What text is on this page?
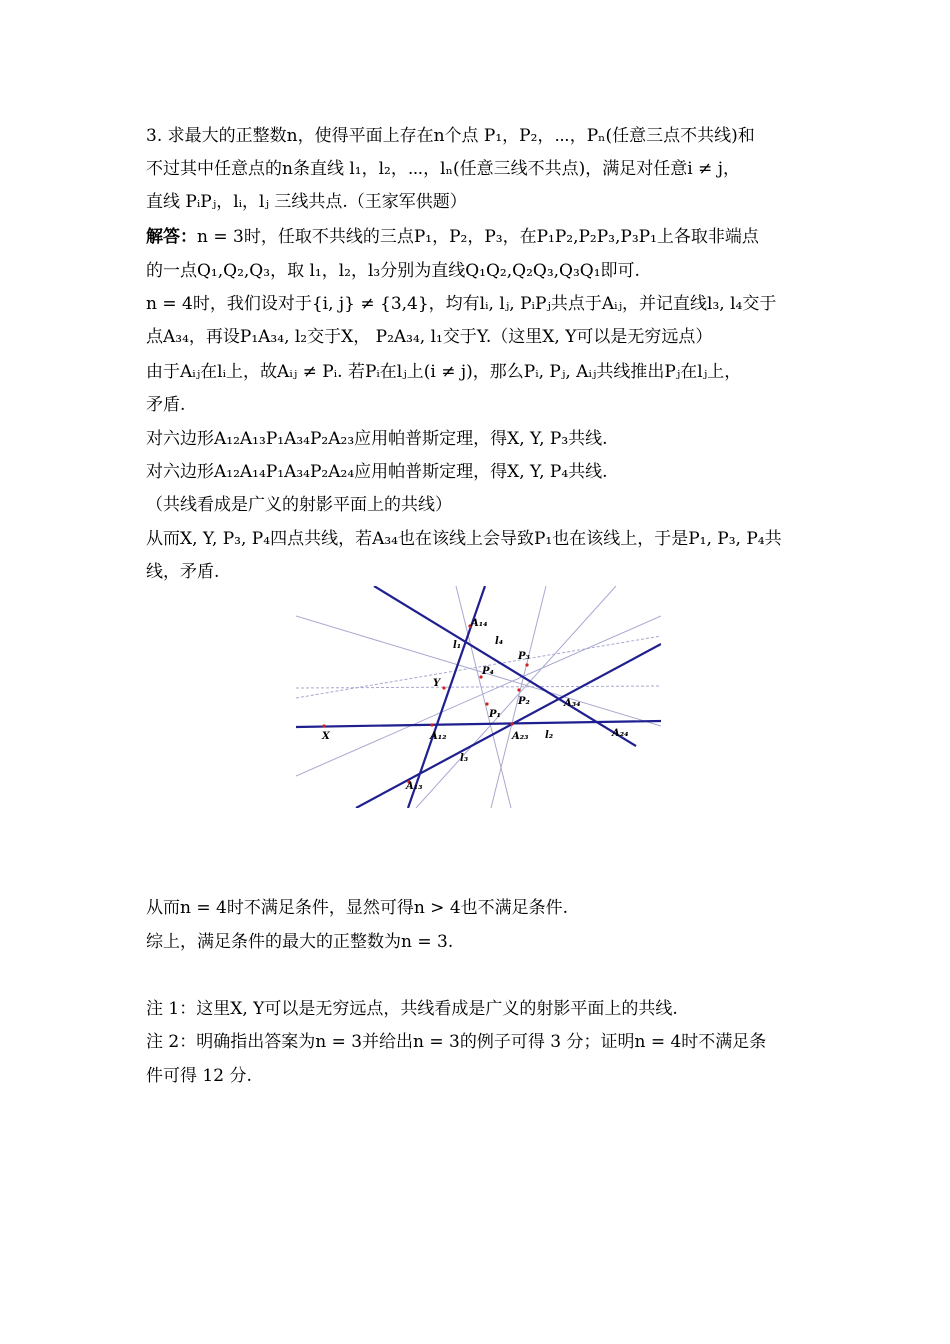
3. 求最大的正整数n，使得平面上存在n个点 P₁，P₂，⋯，Pₙ(任意三点不共线)和
不过其中任意点的n条直线 l₁，l₂，⋯，lₙ(任意三线不共点)，满足对任意i ≠ j，
直线 PᵢPⱼ，lᵢ，lⱼ 三线共点.（王家军供题）
解答：n = 3时，任取不共线的三点P₁，P₂，P₃，在P₁P₂,P₂P₃,P₃P₁上各取非端点
的一点Q₁,Q₂,Q₃，取 l₁，l₂，l₃分别为直线Q₁Q₂,Q₂Q₃,Q₃Q₁即可.
n = 4时，我们设对于{i, j} ≠ {3,4}，均有lᵢ, lⱼ, PᵢPⱼ共点于Aᵢⱼ，并记直线l₃, l₄交于
点A₃₄，再设P₁A₃₄, l₂交于X， P₂A₃₄, l₁交于Y.（这里X, Y可以是无穷远点）
由于Aᵢⱼ在lᵢ上，故Aᵢⱼ ≠ Pᵢ. 若Pᵢ在lⱼ上(i ≠ j)，那么Pᵢ, Pⱼ, Aᵢⱼ共线推出Pⱼ在lⱼ上，
矛盾.
对六边形A₁₂A₁₃P₁A₃₄P₂A₂₃应用帕普斯定理，得X, Y, P₃共线.
对六边形A₁₂A₁₄P₁A₃₄P₂A₂₄应用帕普斯定理，得X, Y, P₄共线.
（共线看成是广义的射影平面上的共线）
从而X, Y, P₃, P₄四点共线，若A₃₄也在该线上会导致P₁也在该线上，于是P₁, P₃, P₄共
线，矛盾.
A₁₄
l₁	l₄
P₃
P₄
Y
P₂
P₁
A₃₄
X	A₁₂	A₂₃ l₂	A₂₄
l₃
A₁₃
从而n = 4时不满足条件，显然可得n > 4也不满足条件.
综上，满足条件的最大的正整数为n = 3.
注 1：这里X, Y可以是无穷远点，共线看成是广义的射影平面上的共线.
注 2：明确指出答案为n = 3并给出n = 3的例子可得 3 分；证明n = 4时不满足条
件可得 12 分.
